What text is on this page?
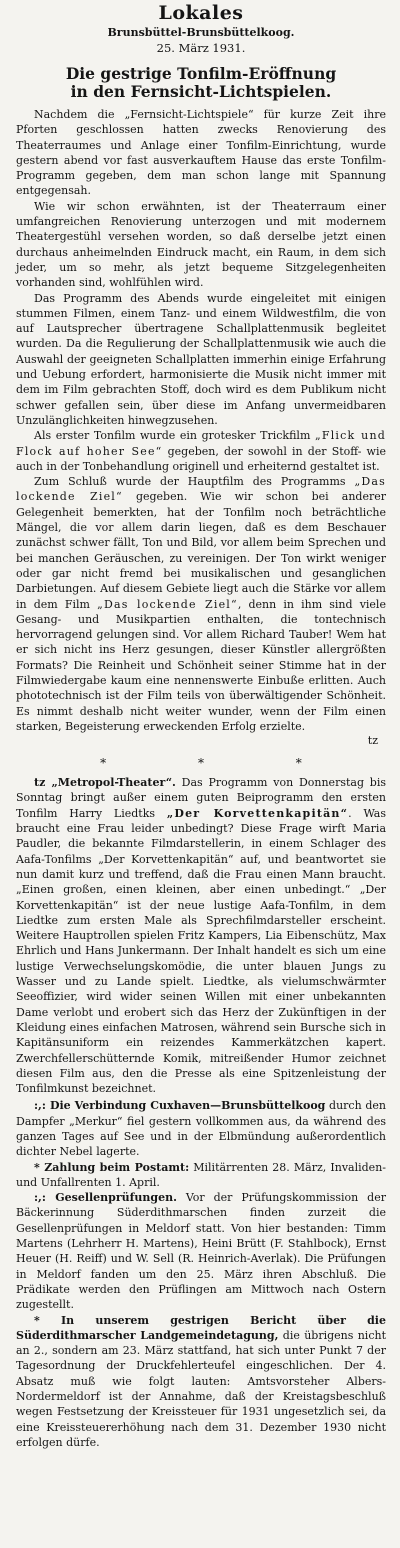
Lokales
Brunsbüttel-Brunsbüttelkoog.
25. März 1931.
Die gestrige Tonfilm-Eröffnung
in den Fernsicht-Lichtspielen.

Nachdem die „Fernsicht-Lichtspiele“ für kurze Zeit ihre Pforten geschlossen hatten zwecks Renovierung des Theaterraumes und Anlage einer Tonfilm-Einrichtung, wurde gestern abend vor fast ausverkauftem Hause das erste Tonfilm-Programm gegeben, dem man schon lange mit Spannung entgegensah.

Wie wir schon erwähnten, ist der Theaterraum einer umfangreichen Renovierung unterzogen und mit modernem Theatergestühl versehen worden, so daß derselbe jetzt einen durchaus anheimelnden Eindruck macht, ein Raum, in dem sich jeder, um so mehr, als jetzt bequeme Sitzgelegenheiten vorhanden sind, wohlfühlen wird.

Das Programm des Abends wurde eingeleitet mit einigen stummen Filmen, einem Tanz- und einem Wildwestfilm, die von auf Lautsprecher übertragene Schallplattenmusik begleitet wurden. Da die Regulierung der Schallplattenmusik wie auch die Auswahl der geeigneten Schallplatten immerhin einige Erfahrung und Uebung erfordert, harmonisierte die Musik nicht immer mit dem im Film gebrachten Stoff, doch wird es dem Publikum nicht schwer gefallen sein, über diese im Anfang unvermeidbaren Unzulänglichkeiten hinwegzusehen.

Als erster Tonfilm wurde ein grotesker Trickfilm „Flick und Flock auf hoher See“ gegeben, der sowohl in der Stoff- wie auch in der Tonbehandlung originell und erheiternd gestaltet ist.

Zum Schluß wurde der Hauptfilm des Programms „Das lockende Ziel“ gegeben. Wie wir schon bei anderer Gelegenheit bemerkten, hat der Tonfilm noch beträchtliche Mängel, die vor allem darin liegen, daß es dem Beschauer zunächst schwer fällt, Ton und Bild, vor allem beim Sprechen und bei manchen Geräuschen, zu vereinigen. Der Ton wirkt weniger oder gar nicht fremd bei musikalischen und gesanglichen Darbietungen. Auf diesem Gebiete liegt auch die Stärke vor allem in dem Film „Das lockende Ziel“, denn in ihm sind viele Gesang- und Musikpartien enthalten, die tontechnisch hervorragend gelungen sind. Vor allem Richard Tauber! Wem hat er sich nicht ins Herz gesungen, dieser Künstler allergrößten Formats? Die Reinheit und Schönheit seiner Stimme hat in der Filmwiedergabe kaum eine nennenswerte Einbuße erlitten. Auch phototechnisch ist der Film teils von überwältigender Schönheit. Es nimmt deshalb nicht weiter wunder, wenn der Film einen starken, Begeisterung erweckenden Erfolg erzielte.

tz
* * *

tz „Metropol-Theater“. Das Programm von Donnerstag bis Sonntag bringt außer einem guten Beiprogramm den ersten Tonfilm Harry Liedtks „Der Korvettenkapitän“. Was braucht eine Frau leider unbedingt? Diese Frage wirft Maria Paudler, die bekannte Filmdarstellerin, in einem Schlager des Aafa-Tonfilms „Der Korvettenkapitän“ auf, und beantwortet sie nun damit kurz und treffend, daß die Frau einen Mann braucht. „Einen großen, einen kleinen, aber einen unbedingt.“ „Der Korvettenkapitän“ ist der neue lustige Aafa-Tonfilm, in dem Liedtke zum ersten Male als Sprechfilmdarsteller erscheint. Weitere Hauptrollen spielen Fritz Kampers, Lia Eibenschütz, Max Ehrlich und Hans Junkermann. Der Inhalt handelt es sich um eine lustige Verwechselungskomödie, die unter blauen Jungs zu Wasser und zu Lande spielt. Liedtke, als vielumschwärmter Seeoffizier, wird wider seinen Willen mit einer unbekannten Dame verlobt und erobert sich das Herz der Zukünftigen in der Kleidung eines einfachen Matrosen, während sein Bursche sich in Kapitänsuniform ein reizendes Kammerkätzchen kapert. Zwerchfellerschütternde Komik, mitreißender Humor zeichnet diesen Film aus, den die Presse als eine Spitzenleistung der Tonfilmkunst bezeichnet.

:,: Die Verbindung Cuxhaven—Brunsbüttelkoog durch den Dampfer „Merkur“ fiel gestern vollkommen aus, da während des ganzen Tages auf See und in der Elbmündung außerordentlich dichter Nebel lagerte.

* Zahlung beim Postamt: Militärrenten 28. März, Invaliden- und Unfallrenten 1. April.

:,: Gesellenprüfungen. Vor der Prüfungskommission der Bäckerinnung Süderdithmarschen finden zurzeit die Gesellenprüfungen in Meldorf statt. Von hier bestanden: Timm Martens (Lehrherr H. Martens), Heini Brütt (F. Stahlbock), Ernst Heuer (H. Reiff) und W. Sell (R. Heinrich-Averlak). Die Prüfungen in Meldorf fanden um den 25. März ihren Abschluß. Die Prädikate werden den Prüflingen am Mittwoch nach Ostern zugestellt.

* In unserem gestrigen Bericht über die Süderdithmarscher Landgemeindetagung, die übrigens nicht an 2., sondern am 23. März stattfand, hat sich unter Punkt 7 der Tagesordnung der Druckfehlerteufel eingeschlichen. Der 4. Absatz muß wie folgt lauten: Amtsvorsteher Albers-Nordermeldorf ist der Annahme, daß der Kreistagsbeschluß wegen Festsetzung der Kreissteuer für 1931 ungesetzlich sei, da eine Kreissteuererhöhung nach dem 31. Dezember 1930 nicht erfolgen dürfe.
